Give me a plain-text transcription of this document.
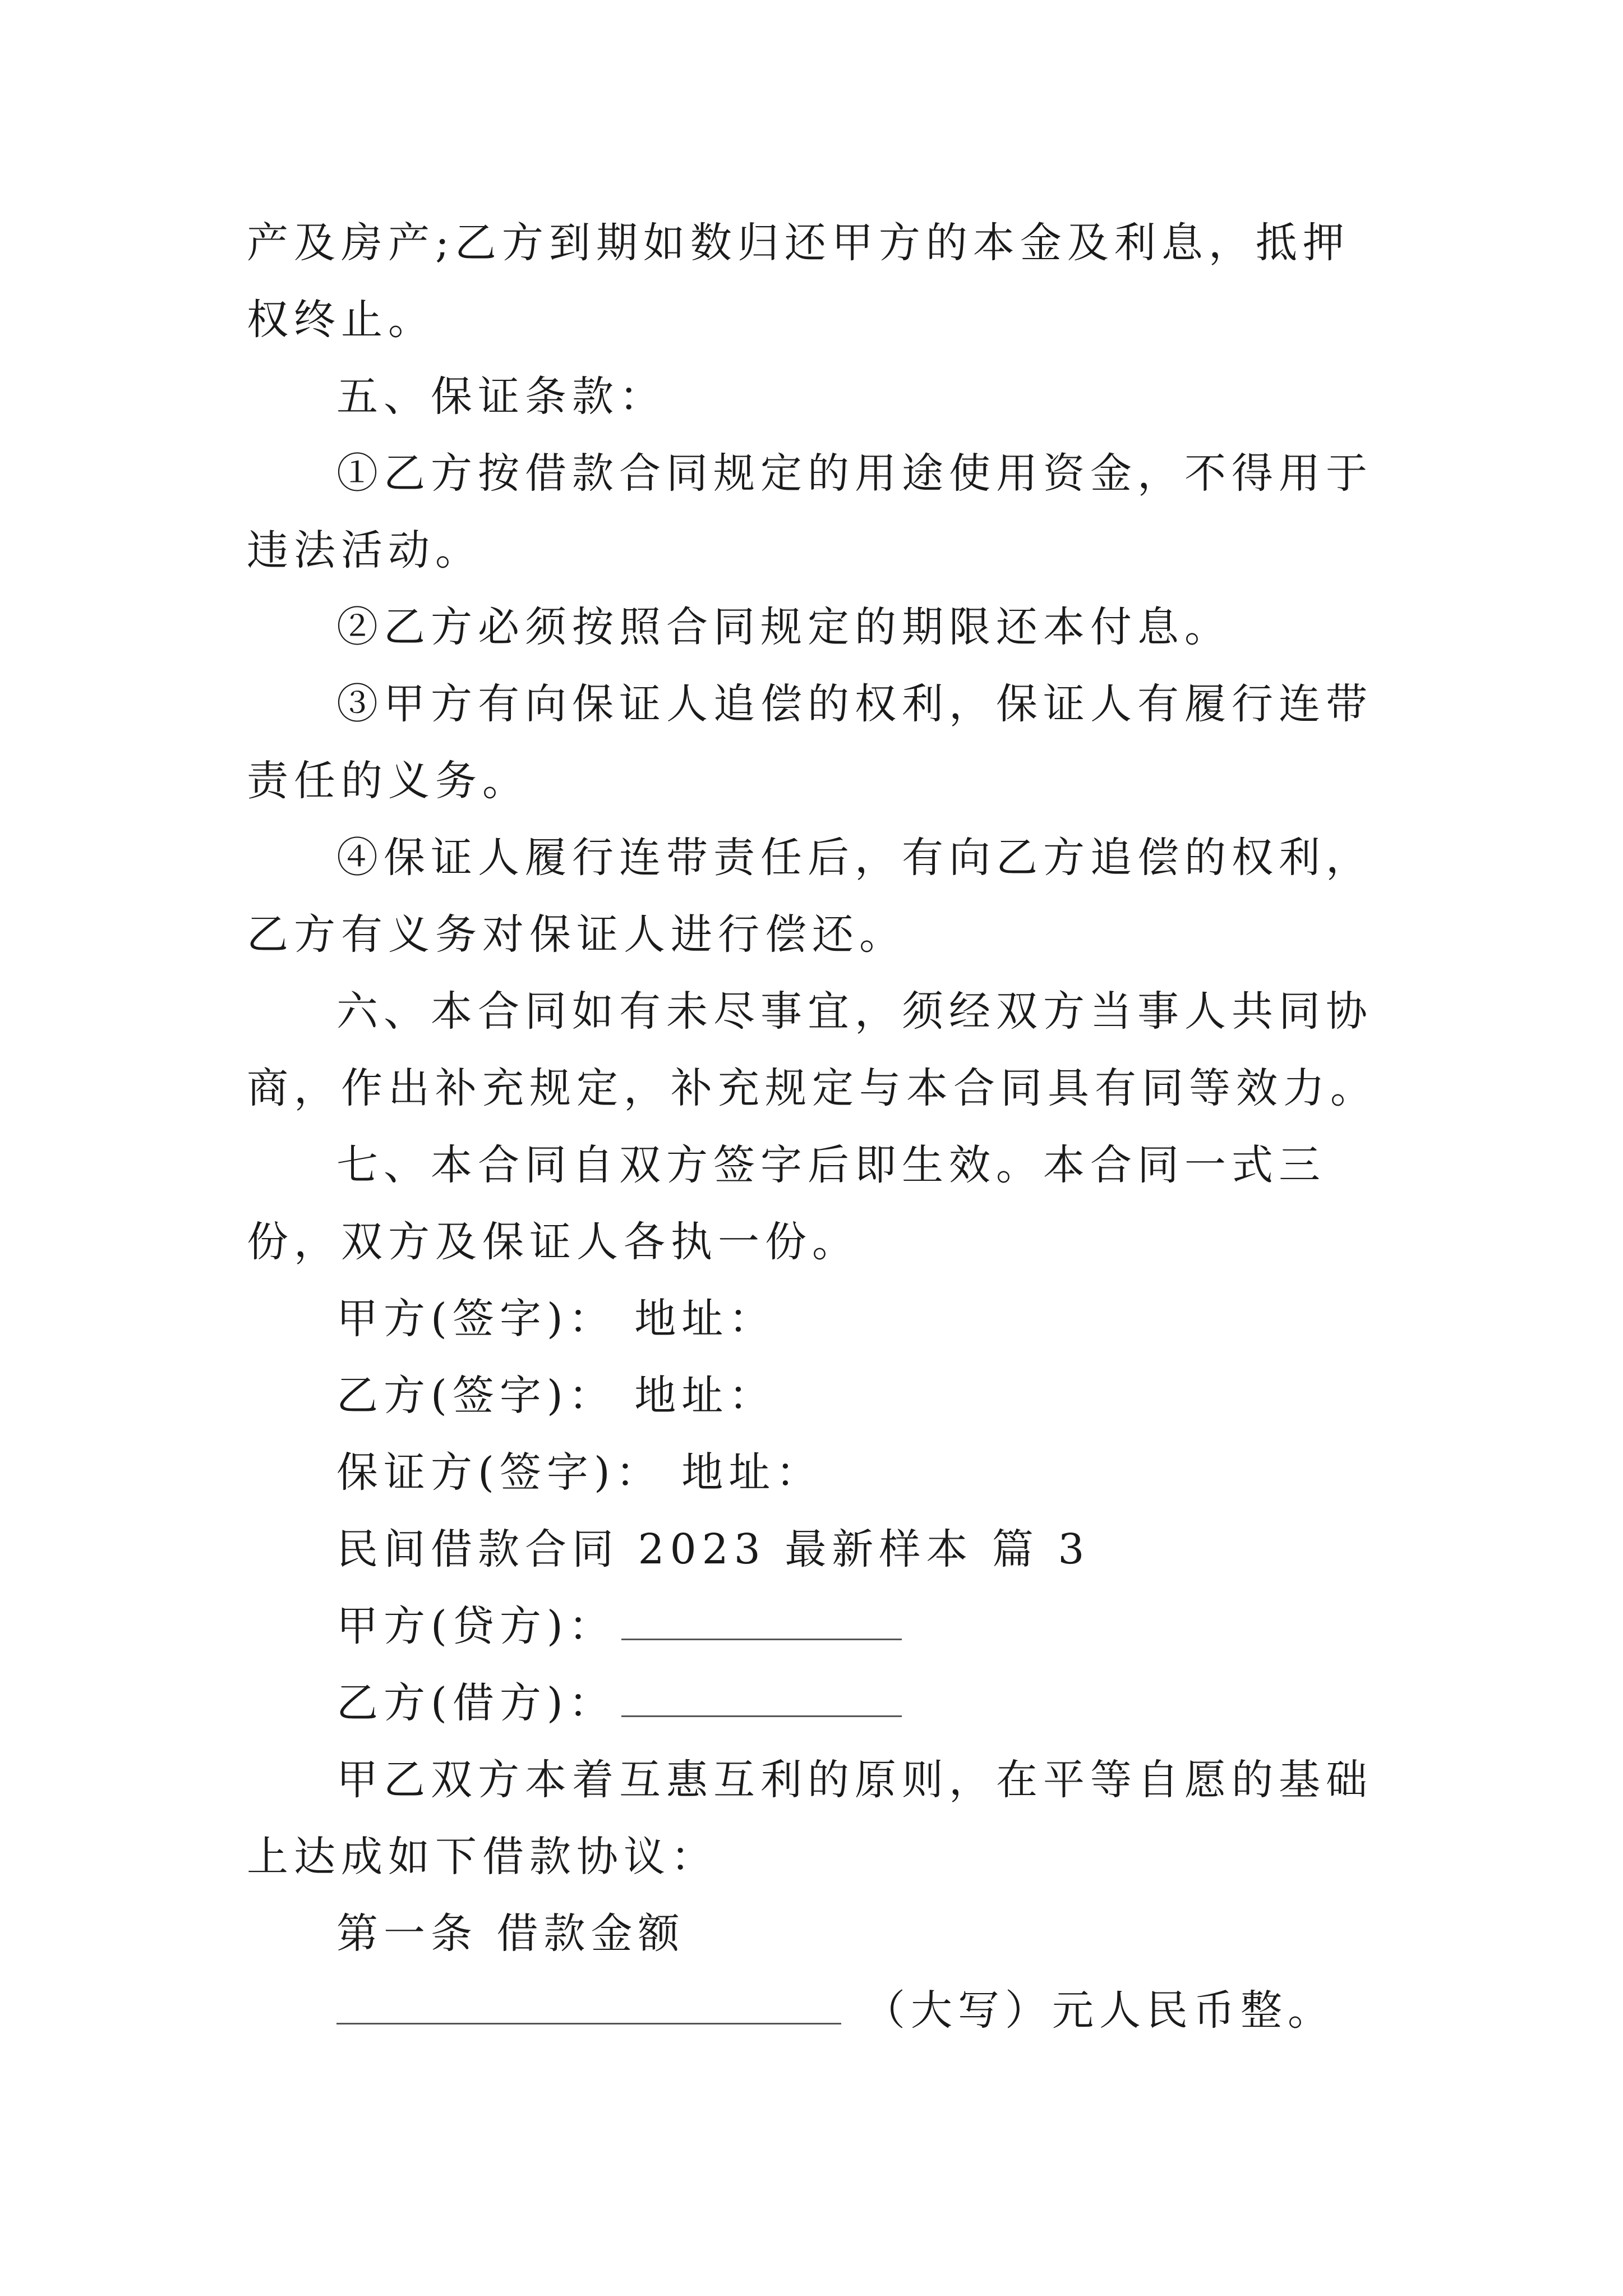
产及房产;乙方到期如数归还甲方的本金及利息，抵押权终止。

五、保证条款：

①乙方按借款合同规定的用途使用资金，不得用于违法活动。

②乙方必须按照合同规定的期限还本付息。

③甲方有向保证人追偿的权利，保证人有履行连带责任的义务。

④保证人履行连带责任后，有向乙方追偿的权利，乙方有义务对保证人进行偿还。

六、本合同如有未尽事宜，须经双方当事人共同协商，作出补充规定，补充规定与本合同具有同等效力。

七、本合同自双方签字后即生效。本合同一式三份，双方及保证人各执一份。

甲方(签字)： 地址：

乙方(签字)： 地址：

保证方(签字)： 地址：

民间借款合同 2023 最新样本 篇 3

甲方(贷方)：

乙方(借方)：

甲乙双方本着互惠互利的原则，在平等自愿的基础上达成如下借款协议：

第一条 借款金额

（大写）元人民币整。
